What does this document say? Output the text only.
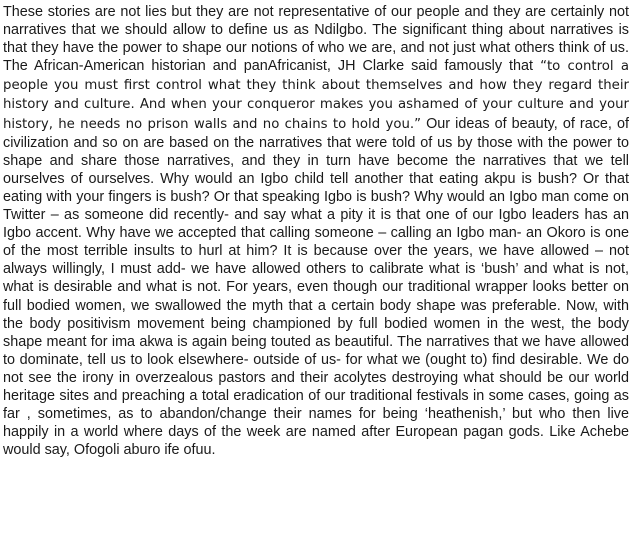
These stories are not lies but they are not representative of our people and they are certainly not narratives that we should allow to define us as Ndilgbo. The significant thing about narratives is that they have the power to shape our notions of who we are, and not just what others think of us. The African-American historian and panAfricanist, JH Clarke said famously that “to control a people you must first control what they think about themselves and how they regard their history and culture. And when your conqueror makes you ashamed of your culture and your history, he needs no prison walls and no chains to hold you.” Our ideas of beauty, of race, of civilization and so on are based on the narratives that were told of us by those with the power to shape and share those narratives, and they in turn have become the narratives that we tell ourselves of ourselves. Why would an Igbo child tell another that eating akpu is bush? Or that eating with your fingers is bush? Or that speaking Igbo is bush? Why would an Igbo man come on Twitter – as someone did recently- and say what a pity it is that one of our Igbo leaders has an Igbo accent. Why have we accepted that calling someone – calling an Igbo man- an Okoro is one of the most terrible insults to hurl at him? It is because over the years, we have allowed – not always willingly, I must add- we have allowed others to calibrate what is ‘bush’ and what is not, what is desirable and what is not. For years, even though our traditional wrapper looks better on full bodied women, we swallowed the myth that a certain body shape was preferable. Now, with the body positivism movement being championed by full bodied women in the west, the body shape meant for ima akwa is again being touted as beautiful. The narratives that we have allowed to dominate, tell us to look elsewhere- outside of us- for what we (ought to) find desirable. We do not see the irony in overzealous pastors and their acolytes destroying what should be our world heritage sites and preaching a total eradication of our traditional festivals in some cases, going as far , sometimes, as to abandon/change their names for being ‘heathenish,’ but who then live happily in a world where days of the week are named after European pagan gods. Like Achebe would say, Ofogoli aburo ife ofuu.
